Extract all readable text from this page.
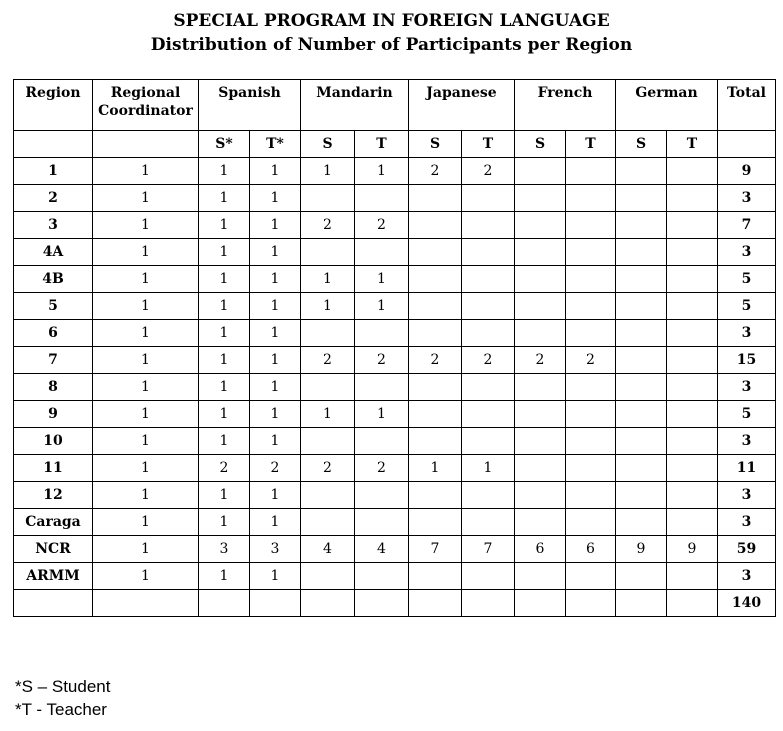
SPECIAL PROGRAM IN FOREIGN LANGUAGE
Distribution of Number of Participants per Region
Region	Regional Coordinator	Spanish		Mandarin		Japanese		French		German		Total
		S*	T*	S	T	S	T	S	T	S	T	
1	1	1	1	1	1	2	2					9
2	1	1	1									3
3	1	1	1	2	2							7
4A	1	1	1									3
4B	1	1	1	1	1							5
5	1	1	1	1	1							5
6	1	1	1									3
7	1	1	1	2	2	2	2	2	2			15
8	1	1	1									3
9	1	1	1	1	1							5
10	1	1	1									3
11	1	2	2	2	2	1	1					11
12	1	1	1									3
Caraga	1	1	1									3
NCR	1	3	3	4	4	7	7	6	6	9	9	59
ARMM	1	1	1									3
												140
*S – Student
*T - Teacher
